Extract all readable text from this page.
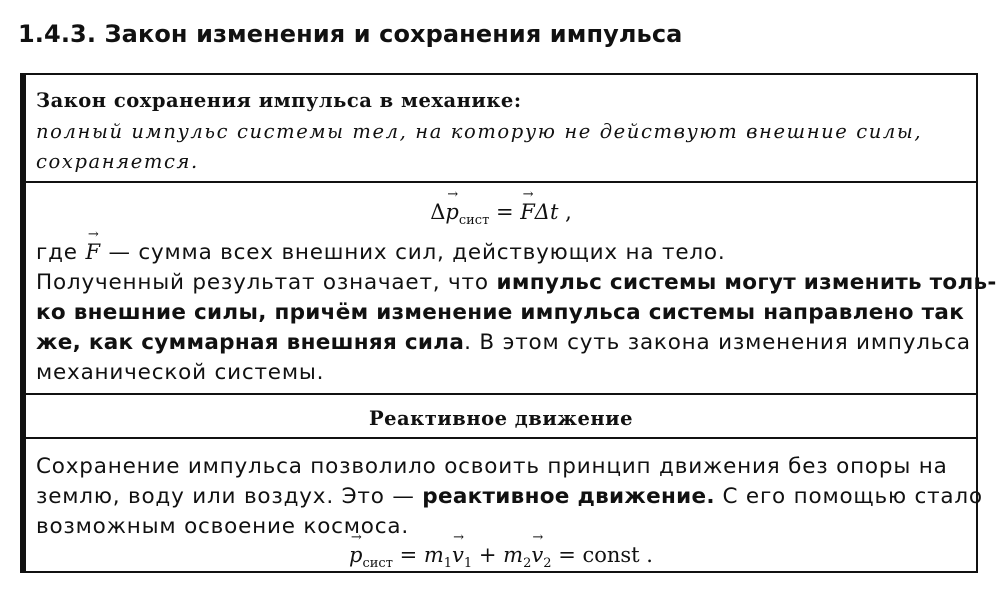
1.4.3. Закон изменения и сохранения импульса
Закон сохранения импульса в механике:
полный импульс системы тел, на которую не действуют внешние силы,
сохраняется.
$\Delta\to p_{сист}$ = → FΔt ,
где → F — сумма всех внешних сил, действующих на тело.
Полученный результат означает, что импульс системы могут изменить толь-
ко внешние силы, причём изменение импульса системы направлено так
же, как суммарная внешняя сила. В этом суть закона изменения импульса
механической системы.
Реактивное движение
Сохранение импульса позволило освоить принцип движения без опоры на
землю, воду или воздух. Это — реактивное движение. С его помощью стало
возможным освоение космоса.
→ $p_{сист} = m_1\to v_1 + m_2\to v_2$ = const .
